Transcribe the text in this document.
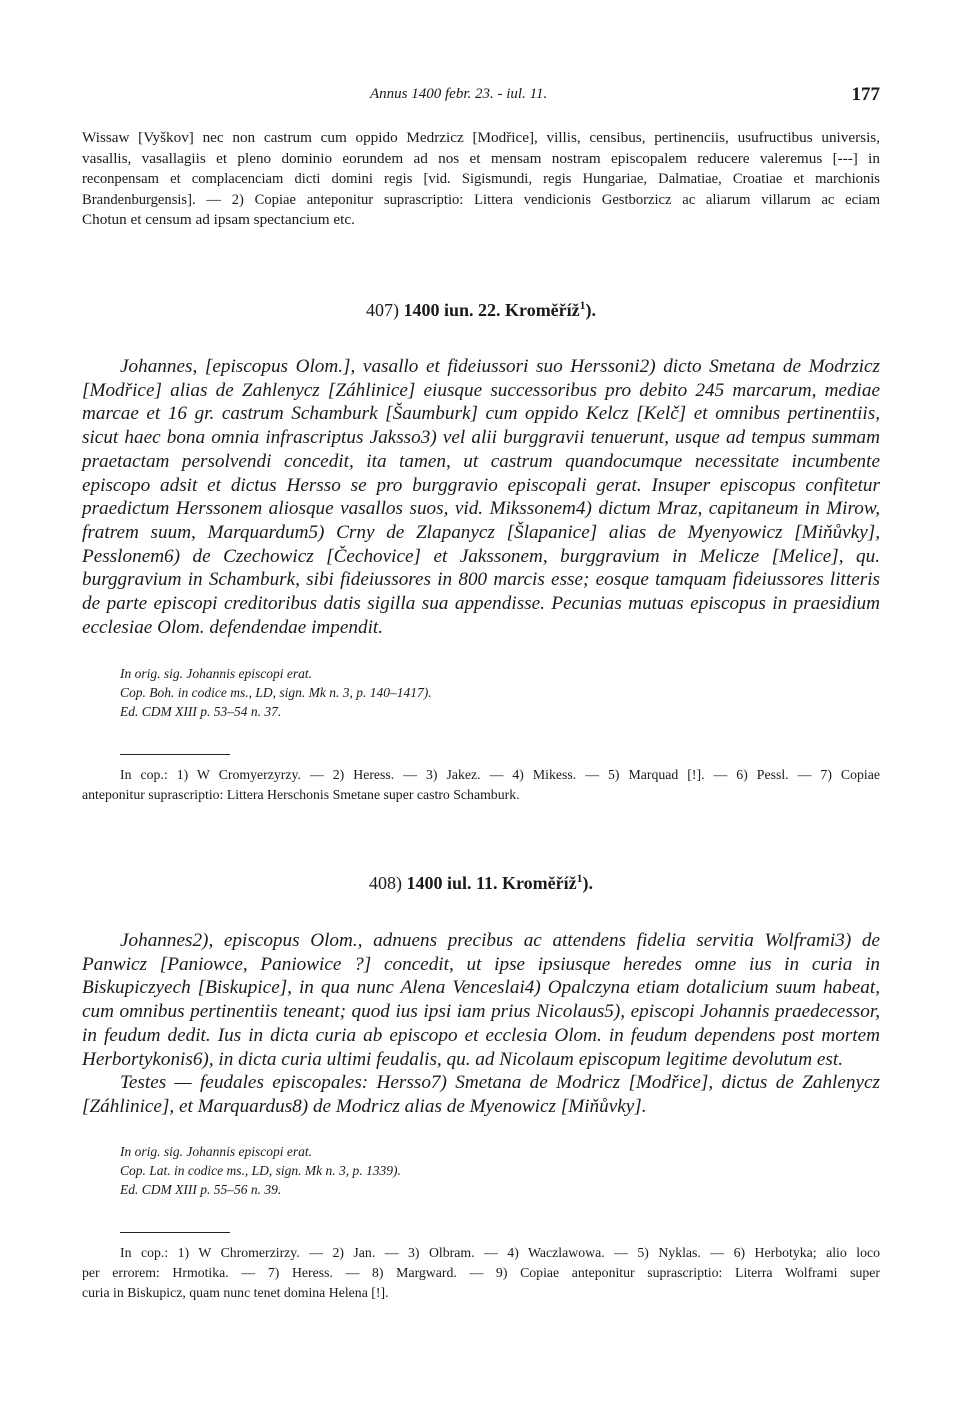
Annus 1400 febr. 23. - iul. 11.	177
Wissaw [Vyškov] nec non castrum cum oppido Medrzicz [Modřice], villis, censibus, pertinenciis, usufructibus universis,
vasallis, vasallagiis et pleno dominio eorundem ad nos et mensam nostram episcopalem reducere valeremus [---] in
reconpensam et complacenciam dicti domini regis [vid. Sigismundi, regis Hungariae, Dalmatiae, Croatiae et marchionis
Brandenburgensis]. — 2) Copiae anteponitur suprascriptio: Littera vendicionis Gestborzicz ac aliarum villarum ac eciam
Chotun et censum ad ipsam spectancium etc.
407) 1400 iun. 22. Kroměříž$^1$).
Johannes, [episcopus Olom.], vasallo et fideiussori suo Herssoni2) dicto Smetana de Modrzicz [Modřice] alias de Zahlenycz [Záhlinice] eiusque successoribus pro debito 245 marcarum, mediae marcae et 16 gr. castrum Schamburk [Šaumburk] cum oppido Kelcz [Kelč] et omnibus pertinentiis, sicut haec bona omnia infrascriptus Jaksso3) vel alii burggravii tenuerunt, usque ad tempus summam praetactam persolvendi concedit, ita tamen, ut castrum quandocumque necessitate incumbente episcopo adsit et dictus Hersso se pro burggravio episcopali gerat. Insuper episcopus confitetur praedictum Herssonem aliosque vasallos suos, vid. Mikssonem4) dictum Mraz, capitaneum in Mirow, fratrem suum, Marquardum5) Crny de Zlapanycz [Šlapanice] alias de Myenyowicz [Miňůvky], Pesslonem6) de Czechowicz [Čechovice] et Jakssonem, burggravium in Melicze [Melice], qu. burggravium in Schamburk, sibi fideiussores in 800 marcis esse; eosque tamquam fideiussores litteris de parte episcopi creditoribus datis sigilla sua appendisse. Pecunias mutuas episcopus in praesidium ecclesiae Olom. defendendae impendit.
In orig. sig. Johannis episcopi erat.
Cop. Boh. in codice ms., LD, sign. Mk n. 3, p. 140–1417).
Ed. CDM XIII p. 53–54 n. 37.
In cop.: 1) W Cromyerzyrzy. — 2) Heress. — 3) Jakez. — 4) Mikess. — 5) Marquad [!]. — 6) Pessl. — 7) Copiae
anteponitur suprascriptio: Littera Herschonis Smetane super castro Schamburk.
408) 1400 iul. 11. Kroměříž$^1$).
Johannes2), episcopus Olom., adnuens precibus ac attendens fidelia servitia Wolframi3) de Panwicz [Paniowce, Paniowice ?] concedit, ut ipse ipsiusque heredes omne ius in curia in Biskupiczyech [Biskupice], in qua nunc Alena Venceslai4) Opalczyna etiam dotalicium suum habeat, cum omnibus pertinentiis teneant; quod ius ipsi iam prius Nicolaus5), episcopi Johannis praedecessor, in feudum dedit. Ius in dicta curia ab episcopo et ecclesia Olom. in feudum dependens post mortem Herbortykonis6), in dicta curia ultimi feudalis, qu. ad Nicolaum episcopum legitime devolutum est.
Testes — feudales episcopales: Hersso7) Smetana de Modricz [Modřice], dictus de Zahlenycz [Záhlinice], et Marquardus8) de Modricz alias de Myenowicz [Miňůvky].
In orig. sig. Johannis episcopi erat.
Cop. Lat. in codice ms., LD, sign. Mk n. 3, p. 1339).
Ed. CDM XIII p. 55–56 n. 39.
In cop.: 1) W Chromerzirzy. — 2) Jan. — 3) Olbram. — 4) Waczlawowa. — 5) Nyklas. — 6) Herbotyka; alio loco
per errorem: Hrmotika. — 7) Heress. — 8) Margward. — 9) Copiae anteponitur suprascriptio: Literra Wolframi super
curia in Biskupicz, quam nunc tenet domina Helena [!].
